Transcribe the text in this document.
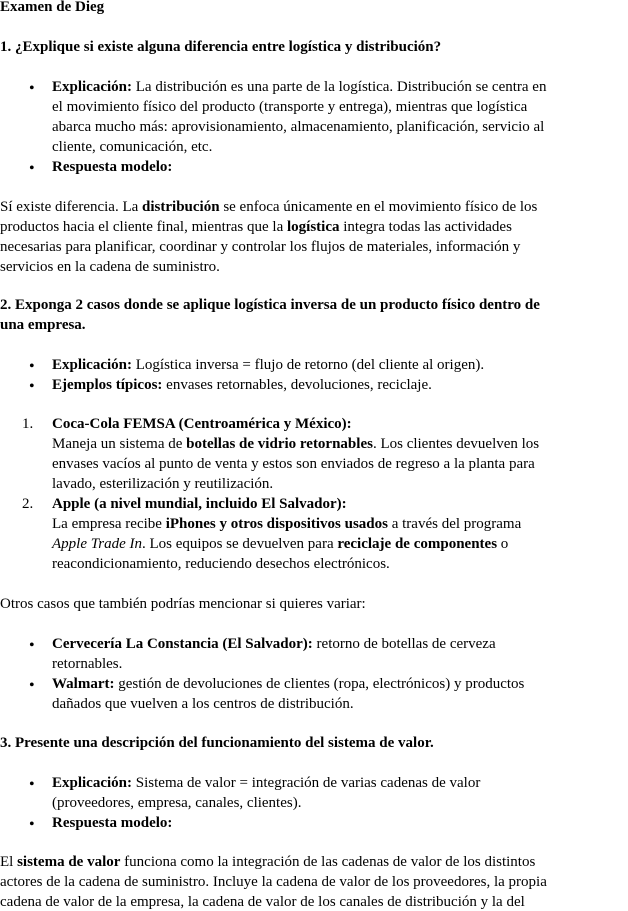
Examen de Dieg
1. ¿Explique si existe alguna diferencia entre logística y distribución?
•
Explicación: La distribución es una parte de la logística. Distribución se centra en
el movimiento físico del producto (transporte y entrega), mientras que logística
abarca mucho más: aprovisionamiento, almacenamiento, planificación, servicio al
cliente, comunicación, etc.
•
Respuesta modelo:
Sí existe diferencia. La distribución se enfoca únicamente en el movimiento físico de los
productos hacia el cliente final, mientras que la logística integra todas las actividades
necesarias para planificar, coordinar y controlar los flujos de materiales, información y
servicios en la cadena de suministro.
2. Exponga 2 casos donde se aplique logística inversa de un producto físico dentro de
una empresa.
•
Explicación: Logística inversa = flujo de retorno (del cliente al origen).
•
Ejemplos típicos: envases retornables, devoluciones, reciclaje.
1. Coca-Cola FEMSA (Centroamérica y México):
Maneja un sistema de botellas de vidrio retornables. Los clientes devuelven los
envases vacíos al punto de venta y estos son enviados de regreso a la planta para
lavado, esterilización y reutilización.
2. Apple (a nivel mundial, incluido El Salvador):
La empresa recibe iPhones y otros dispositivos usados a través del programa
Apple Trade In. Los equipos se devuelven para reciclaje de componentes o
reacondicionamiento, reduciendo desechos electrónicos.
Otros casos que también podrías mencionar si quieres variar:
•
Cervecería La Constancia (El Salvador): retorno de botellas de cerveza
retornables.
•
Walmart: gestión de devoluciones de clientes (ropa, electrónicos) y productos
dañados que vuelven a los centros de distribución.
3. Presente una descripción del funcionamiento del sistema de valor.
•
Explicación: Sistema de valor = integración de varias cadenas de valor
(proveedores, empresa, canales, clientes).
•
Respuesta modelo:
El sistema de valor funciona como la integración de las cadenas de valor de los distintos
actores de la cadena de suministro. Incluye la cadena de valor de los proveedores, la propia
cadena de valor de la empresa, la cadena de valor de los canales de distribución y la del
